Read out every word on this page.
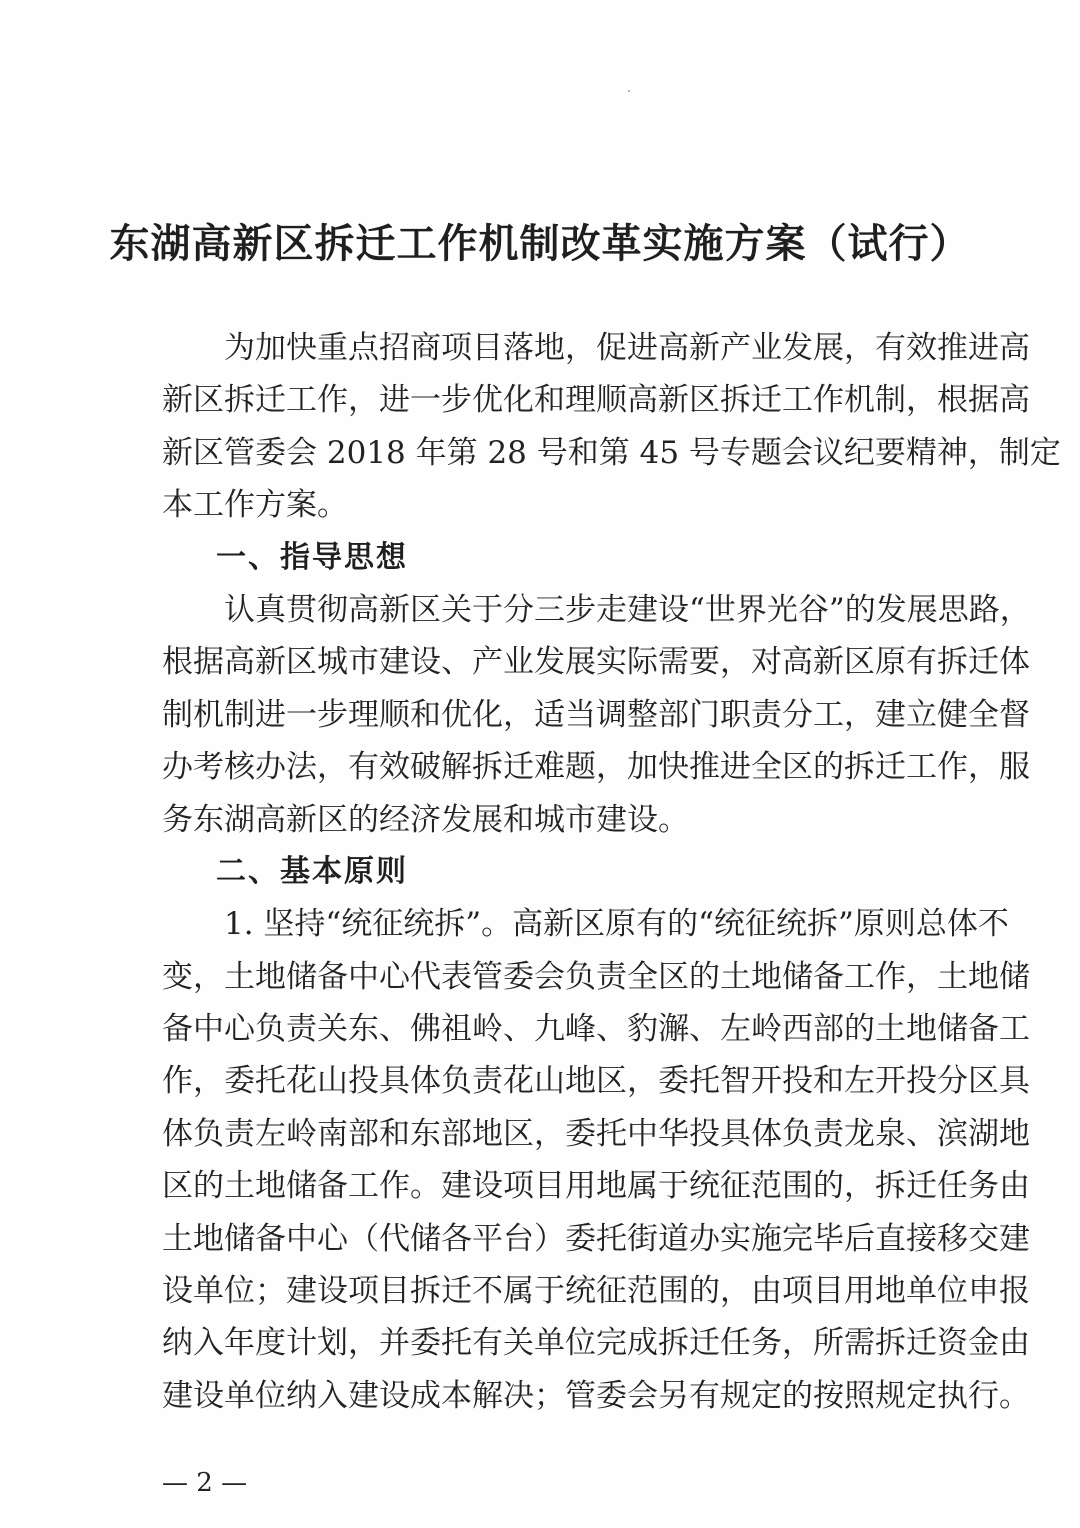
东湖高新区拆迁工作机制改革实施方案（试行）
为加快重点招商项目落地，促进高新产业发展，有效推进高
新区拆迁工作，进一步优化和理顺高新区拆迁工作机制，根据高
新区管委会 2018 年第 28 号和第 45 号专题会议纪要精神，制定
本工作方案。
一、指导思想
认真贯彻高新区关于分三步走建设“世界光谷”的发展思路，
根据高新区城市建设、产业发展实际需要，对高新区原有拆迁体
制机制进一步理顺和优化，适当调整部门职责分工，建立健全督
办考核办法，有效破解拆迁难题，加快推进全区的拆迁工作，服
务东湖高新区的经济发展和城市建设。
二、基本原则
1. 坚持“统征统拆”。高新区原有的“统征统拆”原则总体不
变，土地储备中心代表管委会负责全区的土地储备工作，土地储
备中心负责关东、佛祖岭、九峰、豹澥、左岭西部的土地储备工
作，委托花山投具体负责花山地区，委托智开投和左开投分区具
体负责左岭南部和东部地区，委托中华投具体负责龙泉、滨湖地
区的土地储备工作。建设项目用地属于统征范围的，拆迁任务由
土地储备中心（代储各平台）委托街道办实施完毕后直接移交建
设单位；建设项目拆迁不属于统征范围的，由项目用地单位申报
纳入年度计划，并委托有关单位完成拆迁任务，所需拆迁资金由
建设单位纳入建设成本解决；管委会另有规定的按照规定执行。
— 2 —
